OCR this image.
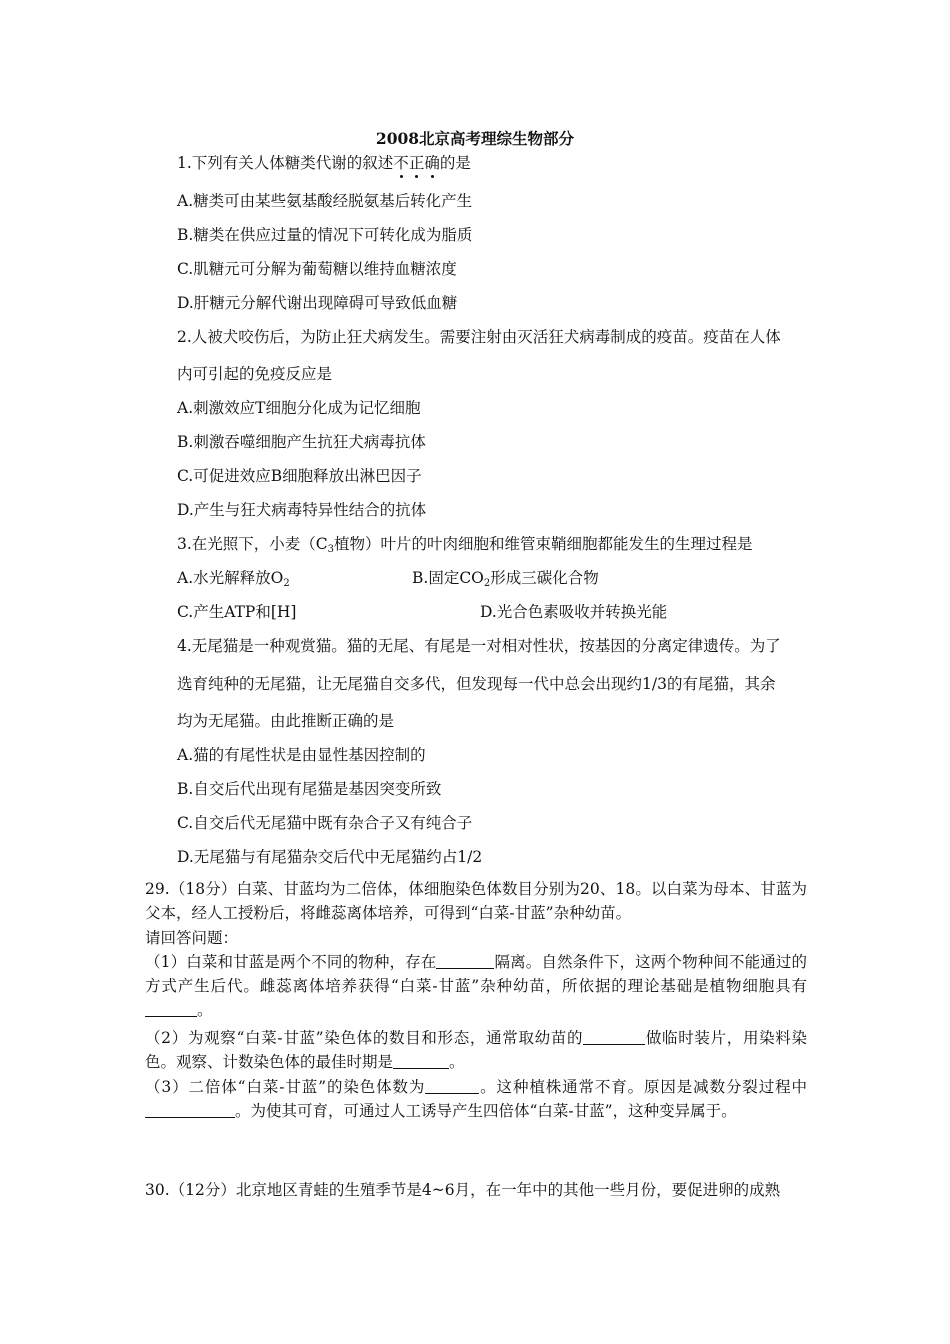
2008北京高考理综生物部分
1.下列有关人体糖类代谢的叙述不正确的是
A.糖类可由某些氨基酸经脱氨基后转化产生
B.糖类在供应过量的情况下可转化成为脂质
C.肌糖元可分解为葡萄糖以维持血糖浓度
D.肝糖元分解代谢出现障碍可导致低血糖
2.人被犬咬伤后，为防止狂犬病发生。需要注射由灭活狂犬病毒制成的疫苗。疫苗在人体
内可引起的免疫反应是
A.刺激效应T细胞分化成为记忆细胞
B.刺激吞噬细胞产生抗狂犬病毒抗体
C.可促进效应B细胞释放出淋巴因子
D.产生与狂犬病毒特异性结合的抗体
3.在光照下，小麦（$C_3$植物）叶片的叶肉细胞和维管束鞘细胞都能发生的生理过程是
A.水光解释放$O_2$	B.固定$CO_2$形成三碳化合物
C.产生ATP和[H]	D.光合色素吸收并转换光能
4.无尾猫是一种观赏猫。猫的无尾、有尾是一对相对性状，按基因的分离定律遗传。为了
选育纯种的无尾猫，让无尾猫自交多代，但发现每一代中总会出现约1/3的有尾猫，其余
均为无尾猫。由此推断正确的是
A.猫的有尾性状是由显性基因控制的
B.自交后代出现有尾猫是基因突变所致
C.自交后代无尾猫中既有杂合子又有纯合子
D.无尾猫与有尾猫杂交后代中无尾猫约占1/2
29.（18分）白菜、甘蓝均为二倍体，体细胞染色体数目分别为20、18。以白菜为母本、甘蓝为父本，经人工授粉后，将雌蕊离体培养，可得到“白菜-甘蓝”杂种幼苗。
请回答问题：
（1）白菜和甘蓝是两个不同的物种，存在	隔离。自然条件下，这两个物种间不能通过的方式产生后代。雌蕊离体培养获得“白菜-甘蓝”杂种幼苗，所依据的理论基础是植物细胞具有。
（2）为观察“白菜-甘蓝”染色体的数目和形态，通常取幼苗的	做临时装片，用染料染色。观察、计数染色体的最佳时期是	。
（3）二倍体“白菜-甘蓝”的染色体数为	。这种植株通常不育。原因是减数分裂过程中。为使其可育，可通过人工诱导产生四倍体“白菜-甘蓝”，这种变异属于。
30.（12分）北京地区青蛙的生殖季节是4~6月，在一年中的其他一些月份，要促进卵的成熟
